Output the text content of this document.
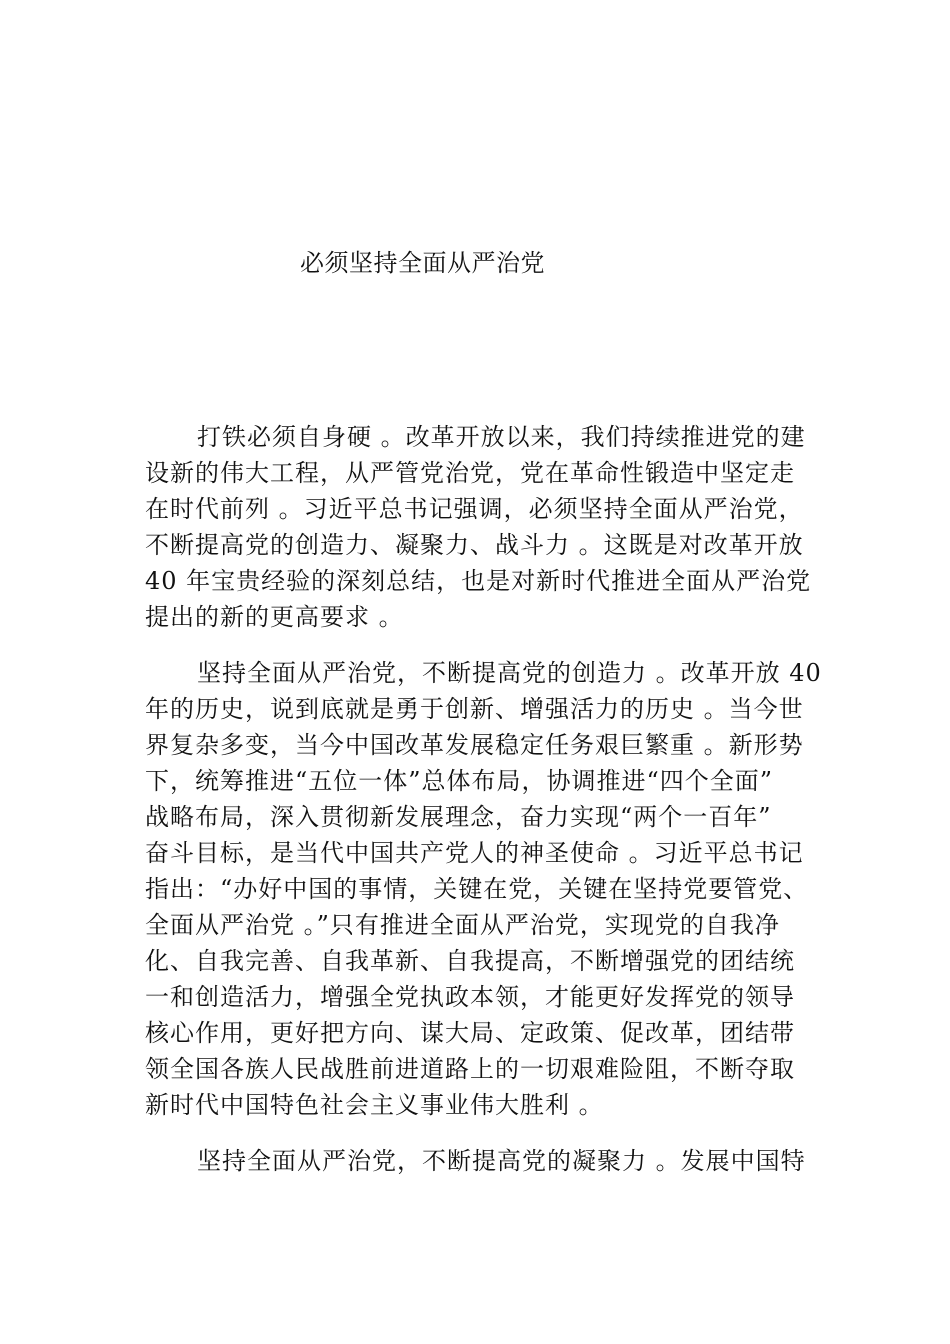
必须坚持全面从严治党
打铁必须自身硬 。改革开放以来，我们持续推进党的建
设新的伟大工程，从严管党治党，党在革命性锻造中坚定走
在时代前列 。习近平总书记强调，必须坚持全面从严治党，
不断提高党的创造力、凝聚力、战斗力 。这既是对改革开放
40 年宝贵经验的深刻总结，也是对新时代推进全面从严治党
提出的新的更高要求 。
坚持全面从严治党，不断提高党的创造力 。改革开放 40
年的历史，说到底就是勇于创新、增强活力的历史 。当今世
界复杂多变，当今中国改革发展稳定任务艰巨繁重 。新形势
下，统筹推进“五位一体”总体布局，协调推进“四个全面”
战略布局，深入贯彻新发展理念，奋力实现“两个一百年”
奋斗目标，是当代中国共产党人的神圣使命 。习近平总书记
指出：“办好中国的事情，关键在党，关键在坚持党要管党、
全面从严治党 。”只有推进全面从严治党，实现党的自我净
化、自我完善、自我革新、自我提高，不断增强党的团结统
一和创造活力，增强全党执政本领，才能更好发挥党的领导
核心作用，更好把方向、谋大局、定政策、促改革，团结带
领全国各族人民战胜前进道路上的一切艰难险阻，不断夺取
新时代中国特色社会主义事业伟大胜利 。
坚持全面从严治党，不断提高党的凝聚力 。发展中国特
